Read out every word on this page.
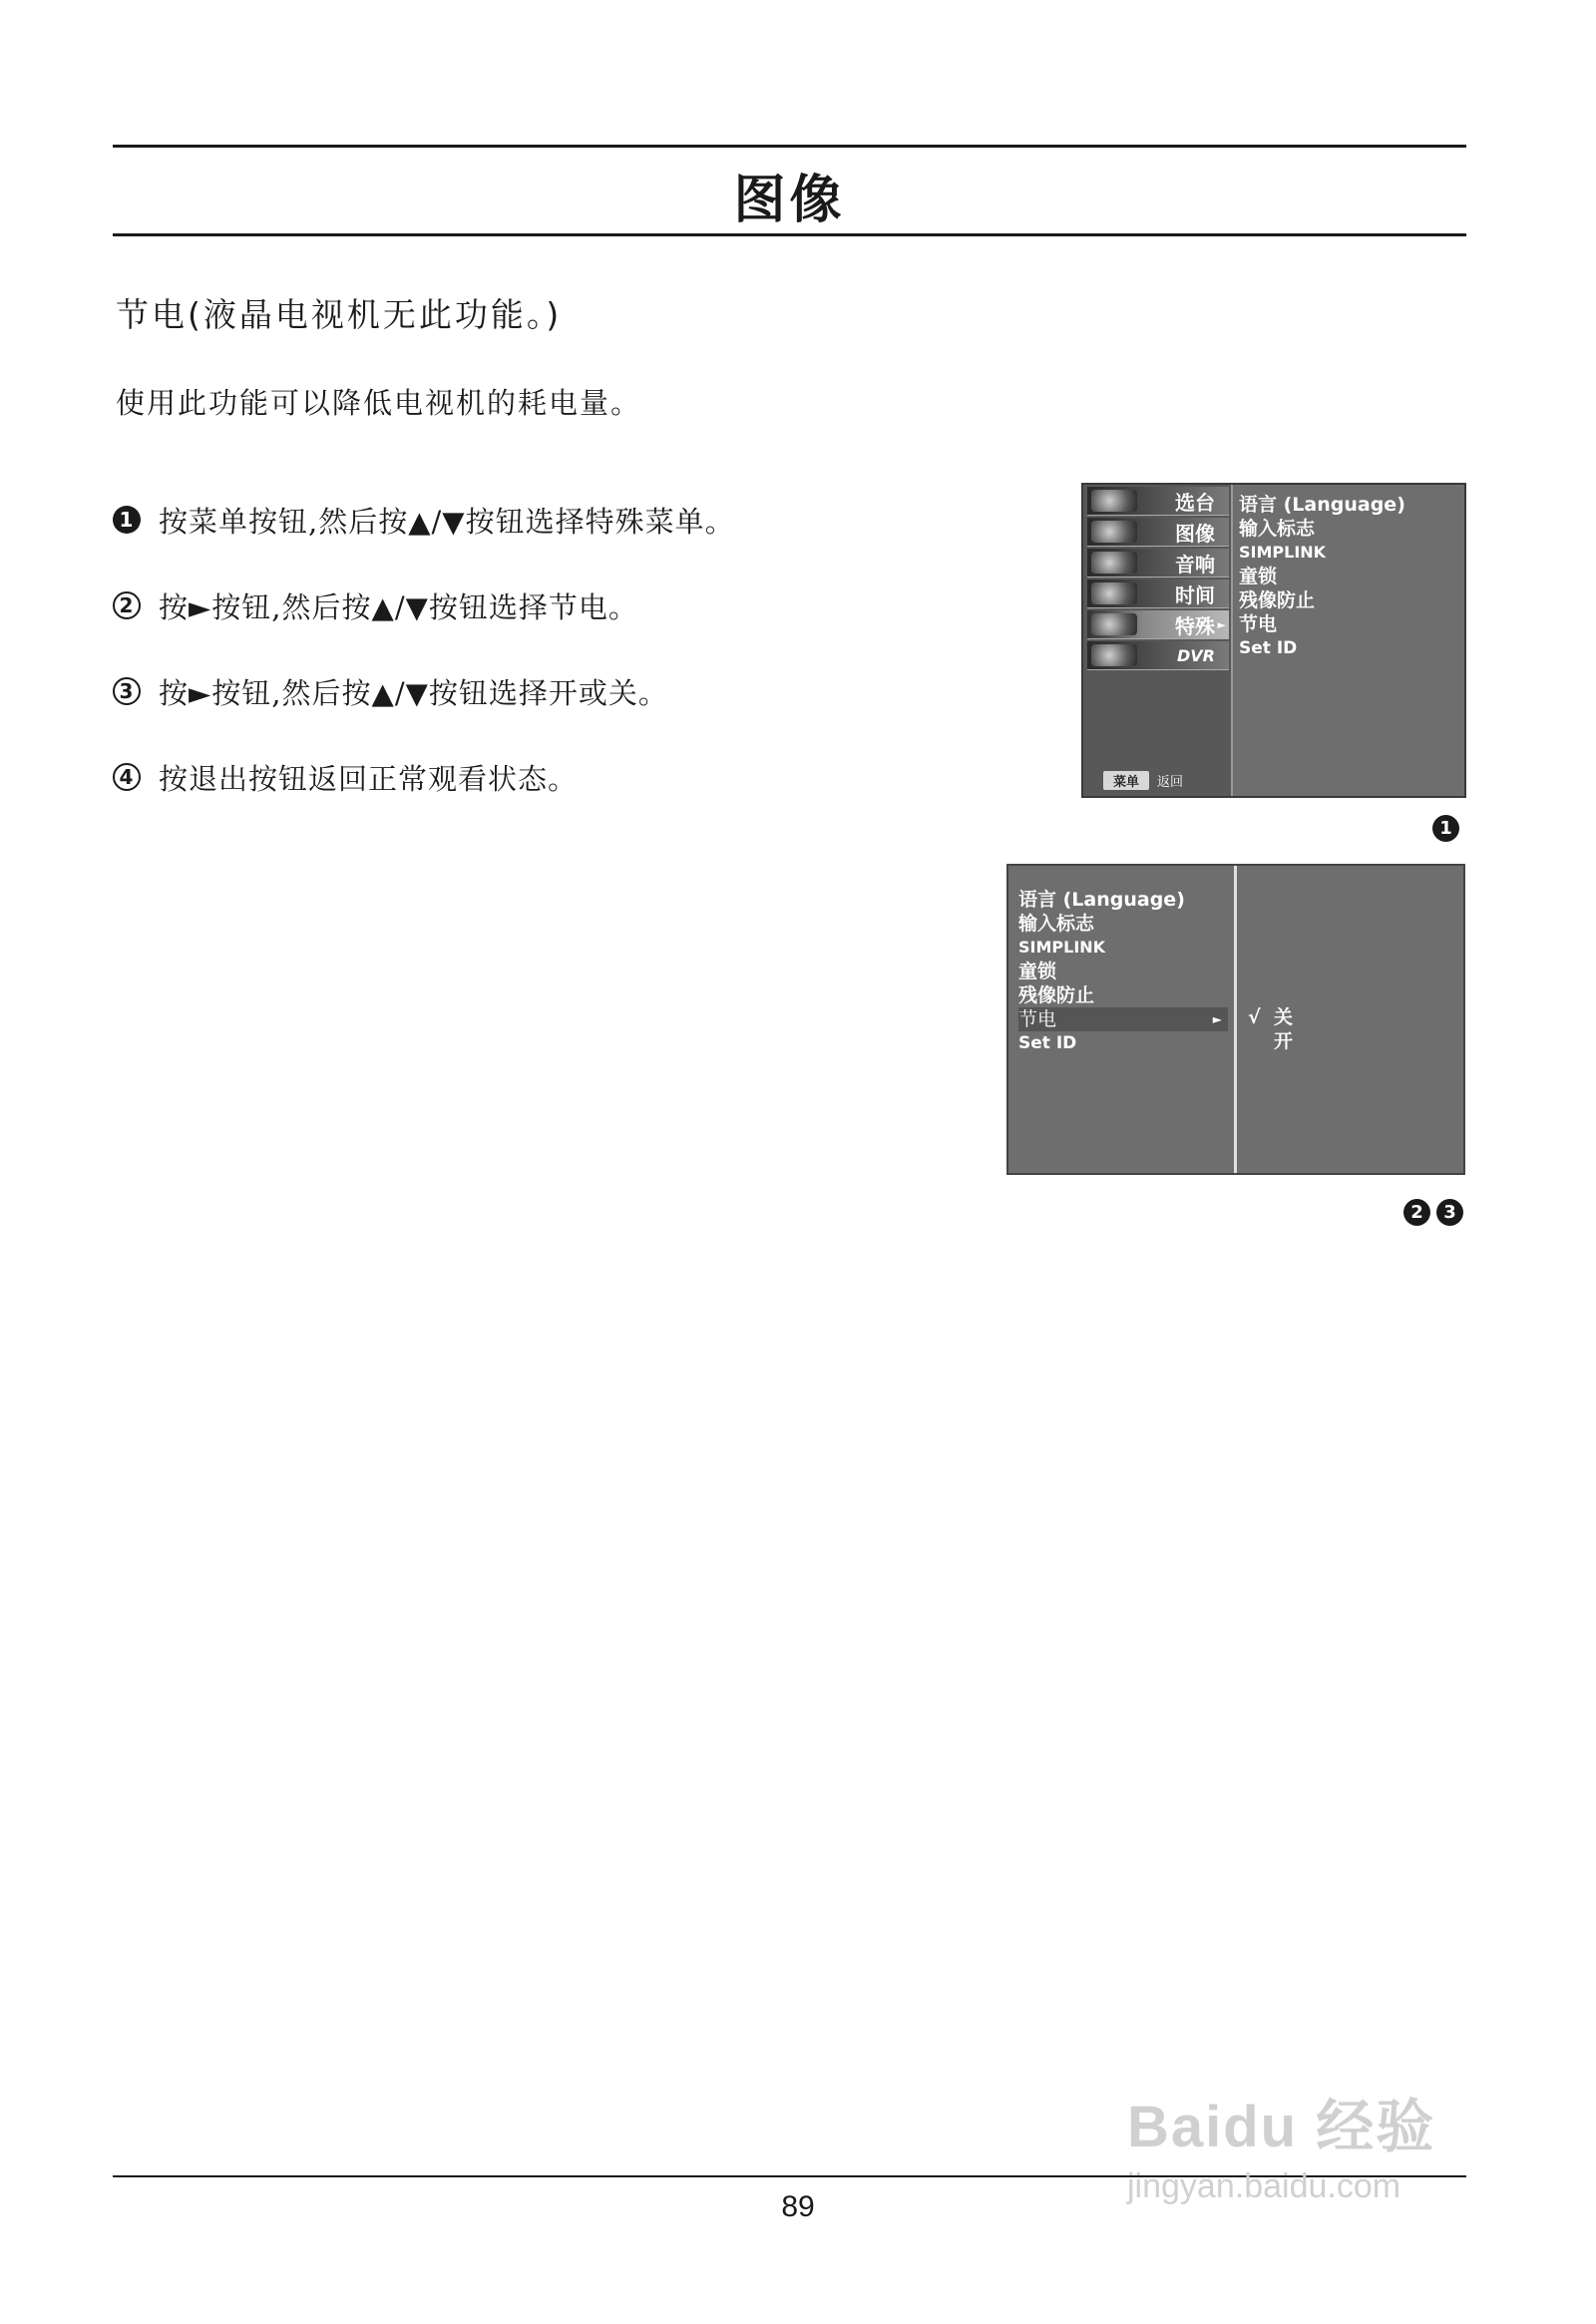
图像
节电(液晶电视机无此功能。)
使用此功能可以降低电视机的耗电量。
1 按菜单按钮,然后按▲/▼按钮选择特殊菜单。
2 按►按钮,然后按▲/▼按钮选择节电。
3 按►按钮,然后按▲/▼按钮选择开或关。
4 按退出按钮返回正常观看状态。
选台
图像
音响
时间
特殊 ►
DVR
菜单	返回
语言 (Language)
输入标志
SIMPLINK
童锁
残像防止
节电
Set ID
1
语言 (Language)
输入标志
SIMPLINK
童锁
残像防止
节电	►
Set ID
√ 关
开
2	3
89
Baidu 经验
jingyan.baidu.com
